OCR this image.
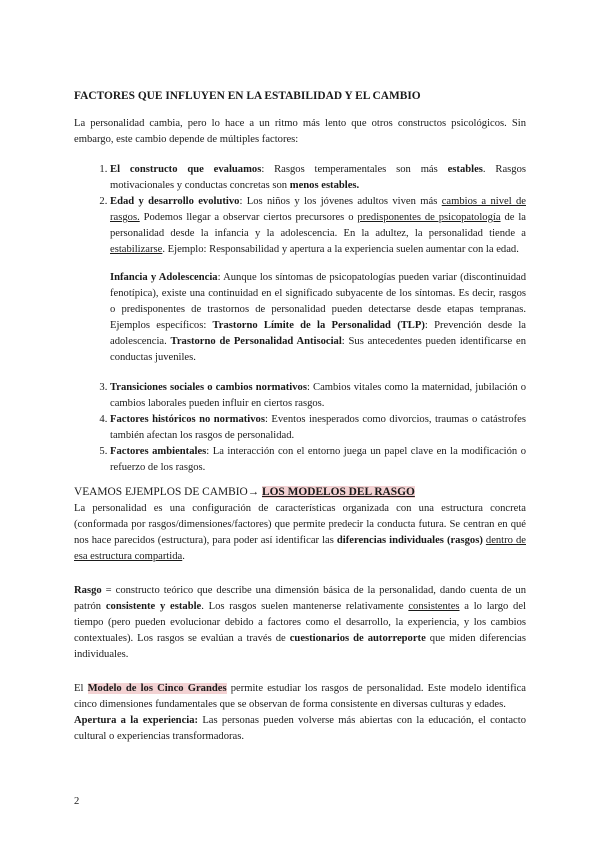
FACTORES QUE INFLUYEN EN LA ESTABILIDAD Y EL CAMBIO

La personalidad cambia, pero lo hace a un ritmo más lento que otros constructos psicológicos. Sin embargo, este cambio depende de múltiples factores:

1. El constructo que evaluamos: Rasgos temperamentales son más estables. Rasgos motivacionales y conductas concretas son menos estables.
2. Edad y desarrollo evolutivo: Los niños y los jóvenes adultos viven más cambios a nivel de rasgos. Podemos llegar a observar ciertos precursores o predisponentes de psicopatología de la personalidad desde la infancia y la adolescencia. En la adultez, la personalidad tiende a estabilizarse. Ejemplo: Responsabilidad y apertura a la experiencia suelen aumentar con la edad.

Infancia y Adolescencia: Aunque los síntomas de psicopatologías pueden variar (discontinuidad fenotípica), existe una continuidad en el significado subyacente de los síntomas. Es decir, rasgos o predisponentes de trastornos de personalidad pueden detectarse desde etapas tempranas. Ejemplos específicos: Trastorno Límite de la Personalidad (TLP): Prevención desde la adolescencia. Trastorno de Personalidad Antisocial: Sus antecedentes pueden identificarse en conductas juveniles.

3. Transiciones sociales o cambios normativos: Cambios vitales como la maternidad, jubilación o cambios laborales pueden influir en ciertos rasgos.
4. Factores históricos no normativos: Eventos inesperados como divorcios, traumas o catástrofes también afectan los rasgos de personalidad.
5. Factores ambientales: La interacción con el entorno juega un papel clave en la modificación o refuerzo de los rasgos.

VEAMOS EJEMPLOS DE CAMBIO→ LOS MODELOS DEL RASGO

La personalidad es una configuración de características organizada con una estructura concreta (conformada por rasgos/dimensiones/factores) que permite predecir la conducta futura. Se centran en qué nos hace parecidos (estructura), para poder así identificar las diferencias individuales (rasgos) dentro de esa estructura compartida.

Rasgo = constructo teórico que describe una dimensión básica de la personalidad, dando cuenta de un patrón consistente y estable. Los rasgos suelen mantenerse relativamente consistentes a lo largo del tiempo (pero pueden evolucionar debido a factores como el desarrollo, la experiencia, y los cambios contextuales). Los rasgos se evalúan a través de cuestionarios de autorreporte que miden diferencias individuales.

El Modelo de los Cinco Grandes permite estudiar los rasgos de personalidad. Este modelo identifica cinco dimensiones fundamentales que se observan de forma consistente en diversas culturas y edades.

Apertura a la experiencia: Las personas pueden volverse más abiertas con la educación, el contacto cultural o experiencias transformadoras.

2
